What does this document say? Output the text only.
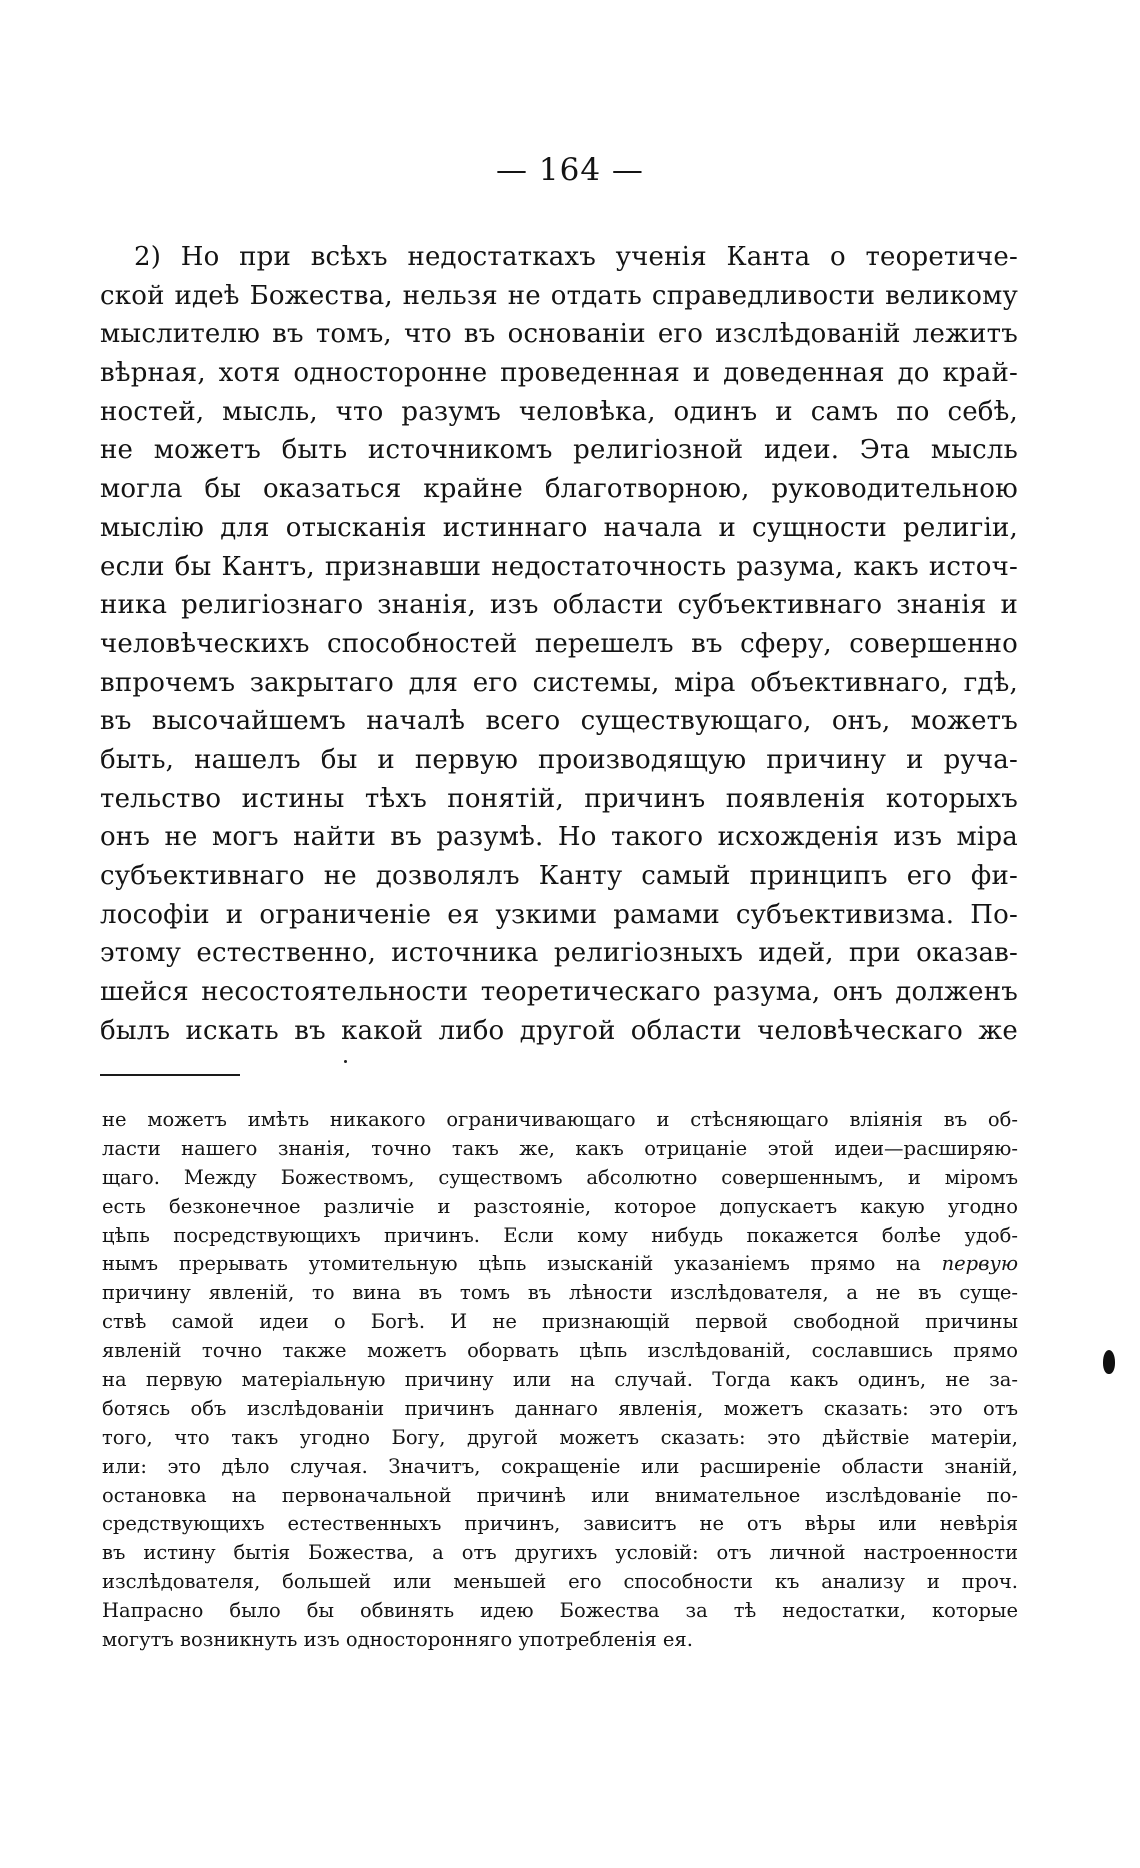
— 164 —
2) Но при всѣхъ недостаткахъ ученія Канта о теоретиче-
ской идеѣ Божества, нельзя не отдать справедливости великому
мыслителю въ томъ, что въ основаніи его изслѣдованій лежитъ
вѣрная, хотя односторонне проведенная и доведенная до край-
ностей, мысль, что разумъ человѣка, одинъ и самъ по себѣ,
не можетъ быть источникомъ религіозной идеи. Эта мысль
могла бы оказаться крайне благотворною, руководительною
мыслію для отысканія истиннаго начала и сущности религіи,
если бы Кантъ, признавши недостаточность разума, какъ источ-
ника религіознаго знанія, изъ области субъективнаго знанія и
человѣческихъ способностей перешелъ въ сферу, совершенно
впрочемъ закрытаго для его системы, міра объективнаго, гдѣ,
въ высочайшемъ началѣ всего существующаго, онъ, можетъ
быть, нашелъ бы и первую производящую причину и руча-
тельство истины тѣхъ понятій, причинъ появленія которыхъ
онъ не могъ найти въ разумѣ. Но такого исхожденія изъ міра
субъективнаго не дозволялъ Канту самый принципъ его фи-
лософіи и ограниченіе ея узкими рамами субъективизма. По-
этому естественно, источника религіозныхъ идей, при оказав-
шейся несостоятельности теоретическаго разума, онъ долженъ
былъ искать въ какой либо другой области человѣческаго же
не можетъ имѣть никакого ограничивающаго и стѣсняющаго вліянія въ об-
ласти нашего знанія, точно такъ же, какъ отрицаніе этой идеи—расширяю-
щаго. Между Божествомъ, существомъ абсолютно совершеннымъ, и міромъ
есть безконечное различіе и разстояніе, которое допускаетъ какую угодно
цѣпь посредствующихъ причинъ. Если кому нибудь покажется болѣе удоб-
нымъ прерывать утомительную цѣпь изысканій указаніемъ прямо на первую
причину явленій, то вина въ томъ въ лѣности изслѣдователя, а не въ суще-
ствѣ самой идеи о Богѣ. И не признающій первой свободной причины
явленій точно также можетъ оборвать цѣпь изслѣдованій, сославшись прямо
на первую матеріальную причину или на случай. Тогда какъ одинъ, не за-
ботясь объ изслѣдованіи причинъ даннаго явленія, можетъ сказать: это отъ
того, что такъ угодно Богу, другой можетъ сказать: это дѣйствіе матеріи,
или: это дѣло случая. Значитъ, сокращеніе или расширеніе области знаній,
остановка на первоначальной причинѣ или внимательное изслѣдованіе по-
средствующихъ естественныхъ причинъ, зависитъ не отъ вѣры или невѣрія
въ истину бытія Божества, а отъ другихъ условій: отъ личной настроенности
изслѣдователя, большей или меньшей его способности къ анализу и проч.
Напрасно было бы обвинять идею Божества за тѣ недостатки, которые
могутъ возникнуть изъ односторонняго употребленія ея.
